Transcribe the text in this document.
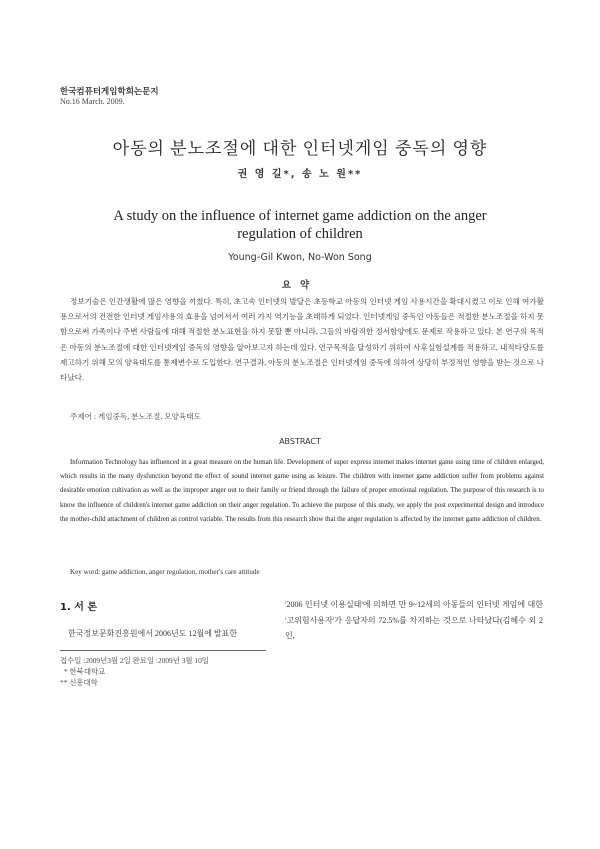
한국컴퓨터게임학회논문지
No.16 March. 2009.
아동의 분노조절에 대한 인터넷게임 중독의 영향
권 영 길*, 송 노 원**
A study on the influence of internet game addiction on the anger
regulation of children
Young-Gil Kwon, No-Won Song
요약

정보기술은 인간생활에 많은 영향을 끼쳤다. 특히, 초고속 인터넷의 발달은 초등학교 아동의 인터넷 게임 사용시간을 확대시켰고 이로 인해 여가활용으로서의 건전한 인터넷 게임사용의 효용을 넘어서서 여러 가지 역기능을 초래하게 되었다. 인터넷게임 중독인 아동들은 적절한 분노조절을 하지 못함으로써 가족이나 주변 사람들에 대해 적절한 분노표현을 하지 못할 뿐 아니라, 그들의 바람직한 정서함양에도 문제로 작용하고 있다. 본 연구의 목적은 아동의 분노조절에 대한 인터넷게임 중독의 영향을 알아보고자 하는데 있다. 연구목적을 달성하기 위하여 사후실험설계를 적용하고, 내적타당도를 제고하기 위해 모의 양육태도를 통제변수로 도입한다. 연구결과, 아동의 분노조절은 인터넷게임 중독에 의하여 상당히 부정적인 영향을 받는 것으로 나타났다.

주제어 : 게임중독, 분노조절, 모양육태도
ABSTRACT

Information Technology has influenced in a great measure on the human life. Development of super express internet makes internet game using time of children enlarged, which results in the many dysfunction beyond the effect of sound internet game using as leisure. The children with internet game addiction suffer from problems against desirable emotion cultivation as well as the improper anger out to their family or friend through the failure of proper emotional regulation. The purpose of this research is to know the influence of children's internet game addiction on their anger regulation. To achieve the purpose of this study, we apply the post experimental design and introduce the mother-child attachment of children as control variable. The results from this research show that the anger regulation is affected by the internet game addiction of children.

Key word: game addiction, anger regulation, mother's care attitude
1. 서 론

한국정보문화진흥원에서 2006년도 12월에 발표한

'2006 인터넷 이용실태'에 의하면 만 9~12세의 아동들의 인터넷 게임에 대한 '고위험사용자'가 응답자의 72.5%를 차지하는 것으로 나타났다(김혜수 외 2인,

접수일 :2009년3월 2일 완료일 :2009년 3월 10일
* 한북대학교
** 신흥대학
